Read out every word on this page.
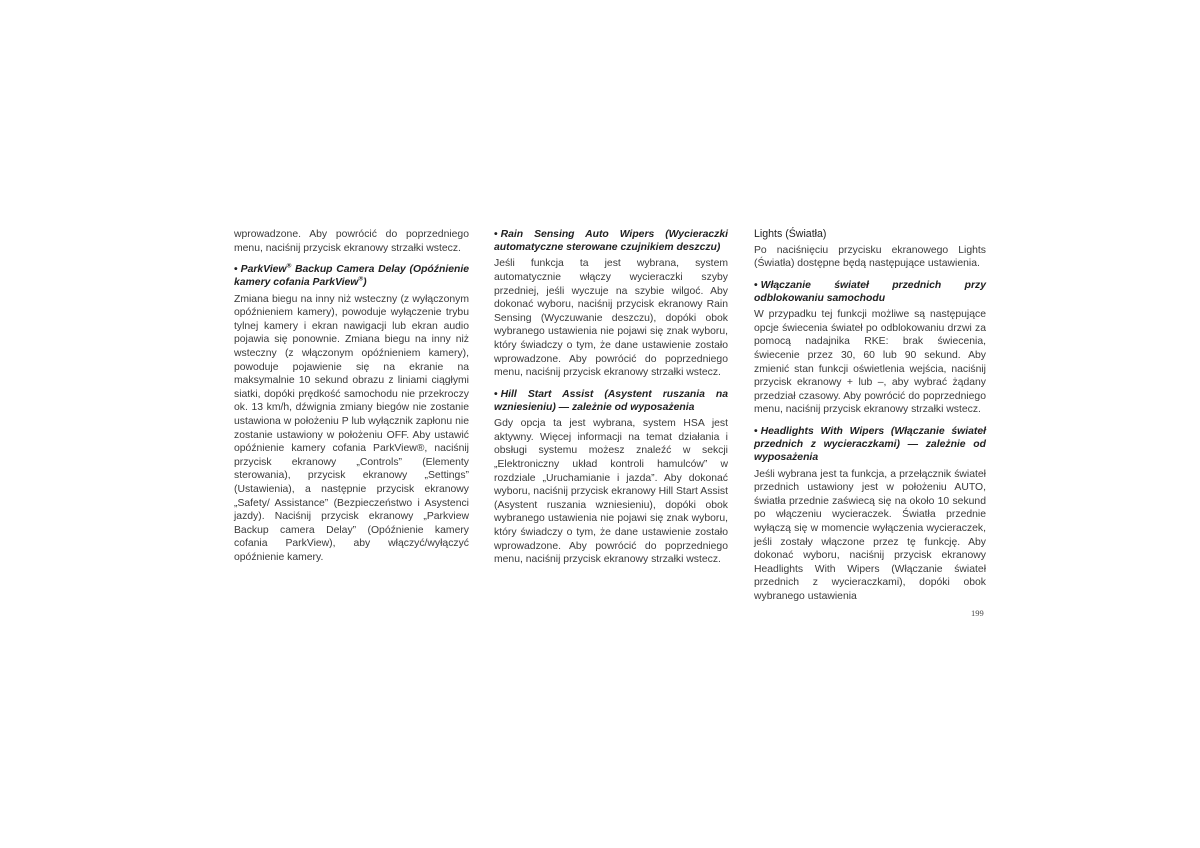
wprowadzone. Aby powrócić do poprzedniego menu, naciśnij przycisk ekranowy strzałki wstecz.

• ParkView® Backup Camera Delay (Opóźnienie kamery cofania ParkView®)

Zmiana biegu na inny niż wsteczny (z wyłączonym opóźnieniem kamery), powoduje wyłączenie trybu tylnej kamery i ekran nawigacji lub ekran audio pojawia się ponownie. Zmiana biegu na inny niż wsteczny (z włączonym opóźnieniem kamery), powoduje pojawienie się na ekranie na maksymalnie 10 sekund obrazu z liniami ciągłymi siatki, dopóki prędkość samochodu nie przekroczy ok. 13 km/h, dźwignia zmiany biegów nie zostanie ustawiona w położeniu P lub wyłącznik zapłonu nie zostanie ustawiony w położeniu OFF. Aby ustawić opóźnienie kamery cofania ParkView®, naciśnij przycisk ekranowy „Controls” (Elementy sterowania), przycisk ekranowy „Settings” (Ustawienia), a następnie przycisk ekranowy „Safety/ Assistance” (Bezpieczeństwo i Asystenci jazdy). Naciśnij przycisk ekranowy „Parkview Backup camera Delay” (Opóźnienie kamery cofania ParkView), aby włączyć/wyłączyć opóźnienie kamery.

• Rain Sensing Auto Wipers (Wycieraczki automatyczne sterowane czujnikiem deszczu)

Jeśli funkcja ta jest wybrana, system automatycznie włączy wycieraczki szyby przedniej, jeśli wyczuje na szybie wilgoć. Aby dokonać wyboru, naciśnij przycisk ekranowy Rain Sensing (Wyczuwanie deszczu), dopóki obok wybranego ustawienia nie pojawi się znak wyboru, który świadczy o tym, że dane ustawienie zostało wprowadzone. Aby powrócić do poprzedniego menu, naciśnij przycisk ekranowy strzałki wstecz.

• Hill Start Assist (Asystent ruszania na wzniesieniu) — zależnie od wyposażenia

Gdy opcja ta jest wybrana, system HSA jest aktywny. Więcej informacji na temat działania i obsługi systemu możesz znaleźć w sekcji „Elektroniczny układ kontroli hamulców” w rozdziale „Uruchamianie i jazda”. Aby dokonać wyboru, naciśnij przycisk ekranowy Hill Start Assist (Asystent ruszania wzniesieniu), dopóki obok wybranego ustawienia nie pojawi się znak wyboru, który świadczy o tym, że dane ustawienie zostało wprowadzone. Aby powrócić do poprzedniego menu, naciśnij przycisk ekranowy strzałki wstecz.

Lights (Światła)

Po naciśnięciu przycisku ekranowego Lights (Światła) dostępne będą następujące ustawienia.

• Włączanie świateł przednich przy odblokowaniu samochodu

W przypadku tej funkcji możliwe są następujące opcje świecenia świateł po odblokowaniu drzwi za pomocą nadajnika RKE: brak świecenia, świecenie przez 30, 60 lub 90 sekund. Aby zmienić stan funkcji oświetlenia wejścia, naciśnij przycisk ekranowy + lub –, aby wybrać żądany przedział czasowy. Aby powrócić do poprzedniego menu, naciśnij przycisk ekranowy strzałki wstecz.

• Headlights With Wipers (Włączanie świateł przednich z wycieraczkami) — zależnie od wyposażenia

Jeśli wybrana jest ta funkcja, a przełącznik świateł przednich ustawiony jest w położeniu AUTO, światła przednie zaświecą się na około 10 sekund po włączeniu wycieraczek. Światła przednie wyłączą się w momencie wyłączenia wycieraczek, jeśli zostały włączone przez tę funkcję. Aby dokonać wyboru, naciśnij przycisk ekranowy Headlights With Wipers (Włączanie świateł przednich z wycieraczkami), dopóki obok wybranego ustawienia

199
